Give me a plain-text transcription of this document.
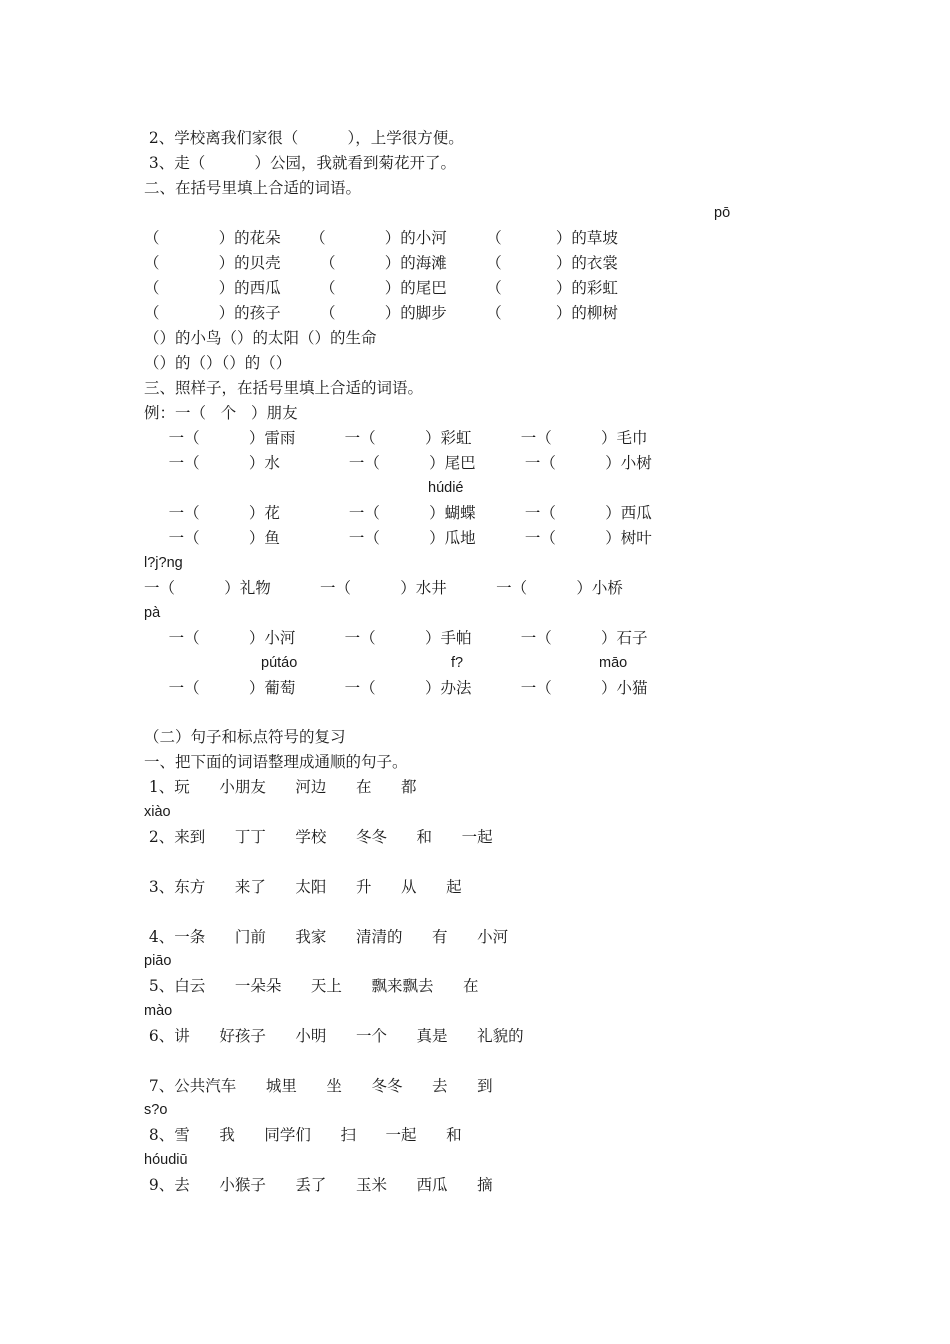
2、学校离我们家很（          ），上学很方便。

3、走（          ）公园，我就看到菊花开了。

二、在括号里填上合适的词语。

pō

（            ）的花朵      （            ）的小河        （           ）的草坡

（            ）的贝壳        （          ）的海滩        （           ）的衣裳

（            ）的西瓜        （          ）的尾巴        （           ）的彩虹

（            ）的孩子        （          ）的脚步        （           ）的柳树

（）的小鸟（）的太阳（）的生命

（）的（）（）的（）

三、照样子，在括号里填上合适的词语。

例：一（   个   ）朋友

一（          ）雷雨          一（          ）彩虹          一（          ）毛巾

一（          ）水              一（          ）尾巴          一（          ）小树

húdié

一（          ）花              一（          ）蝴蝶          一（          ）西瓜

一（          ）鱼              一（          ）瓜地          一（          ）树叶

l?j?ng

一（          ）礼物          一（          ）水井          一（          ）小桥

pà

一（          ）小河          一（          ）手帕          一（          ）石子

pútáo	f?	māo

一（          ）葡萄          一（          ）办法          一（          ）小猫

（二）句子和标点符号的复习

一、把下面的词语整理成通顺的句子。

1、玩      小朋友      河边      在      都

xiào

2、来到      丁丁      学校      冬冬      和      一起

3、东方      来了      太阳      升      从      起

4、一条      门前      我家      清清的      有      小河

piāo

5、白云      一朵朵      天上      飘来飘去      在

mào

6、讲      好孩子      小明      一个      真是      礼貌的

7、公共汽车      城里      坐      冬冬      去      到

s?o

8、雪      我      同学们      扫      一起      和

hóudiū

9、去      小猴子      丢了      玉米      西瓜      摘
